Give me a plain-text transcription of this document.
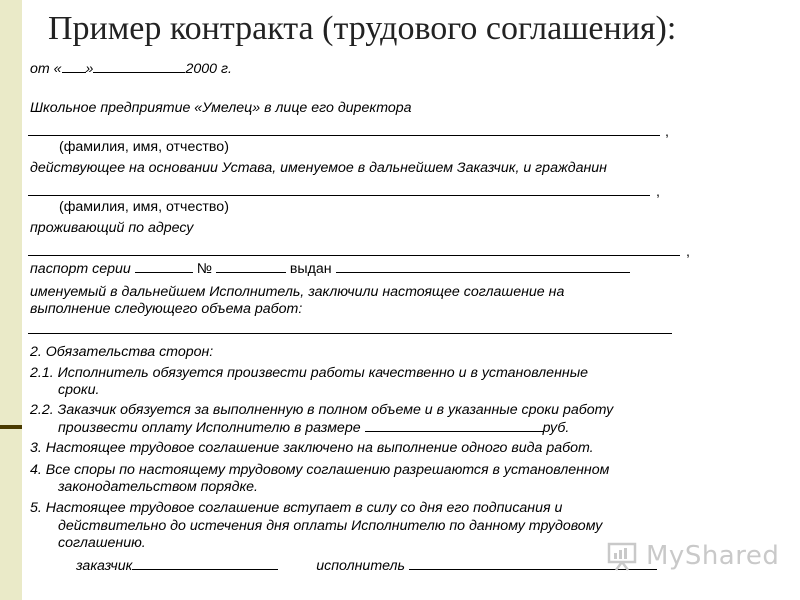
Пример контракта (трудового соглашения):
от « »	2000 г.
Школьное предприятие «Умелец» в лице его директора
,
(фамилия, имя, отчество)
действующее на основании Устава, именуемое в дальнейшем Заказчик, и гражданин
,
(фамилия, имя, отчество)
проживающий по адресу
,
паспорт серии	№	выдан
именуемый в дальнейшем Исполнитель, заключили настоящее соглашение на
выполнение следующего объема работ:
2. Обязательства сторон:
2.1. Исполнитель обязуется произвести работы качественно и в установленные
сроки.
2.2. Заказчик обязуется за выполненную в полном объеме и в указанные сроки работу
произвести оплату Исполнителю в размере	руб.
3. Настоящее трудовое соглашение заключено на выполнение одного вида работ.
4. Все споры по настоящему трудовому соглашению разрешаются в установленном
законодательством порядке.
5. Настоящее трудовое соглашение вступает в силу со дня его подписания и
действительно до истечения дня оплаты Исполнителю по данному трудовому
соглашению.
заказчик	исполнитель	MyShared
